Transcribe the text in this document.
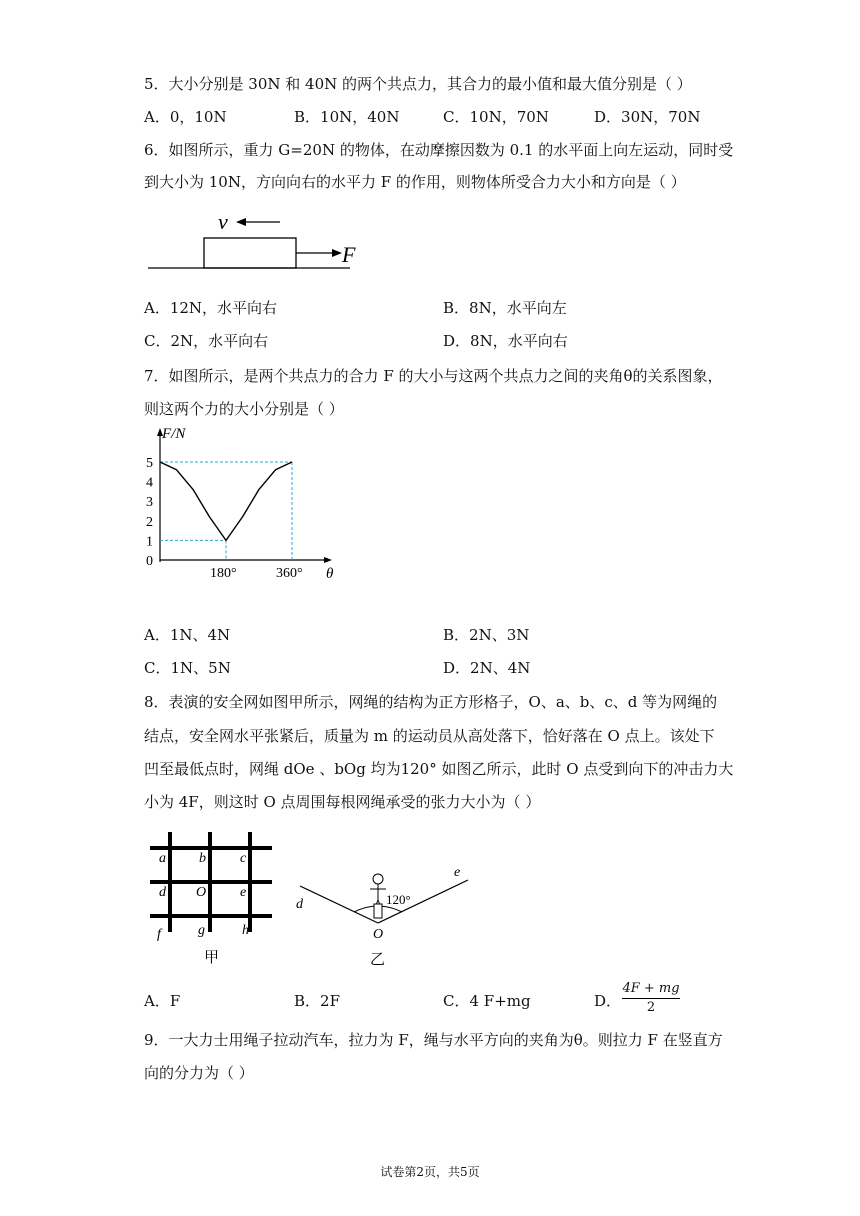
5．大小分别是 30N 和 40N 的两个共点力，其合力的最小值和最大值分别是（ ）
A．0，10N	B．10N，40N	C．10N，70N	D．30N，70N
6．如图所示，重力 G=20N 的物体，在动摩擦因数为 0.1 的水平面上向左运动，同时受
到大小为 10N，方向向右的水平力 F 的作用，则物体所受合力大小和方向是（ ）
v
F
A．12N，水平向右	B．8N，水平向左
C．2N，水平向右	D．8N，水平向右
7．如图所示，是两个共点力的合力 F 的大小与这两个共点力之间的夹角θ的关系图象，
则这两个力的大小分别是（ ）
0
1
2
3
4
5
180°	360°
F/N
θ
A．1N、4N	B．2N、3N
C．1N、5N	D．2N、4N
8．表演的安全网如图甲所示，网绳的结构为正方形格子，O、a、b、c、d 等为网绳的
结点，安全网水平张紧后，质量为 m 的运动员从高处落下，恰好落在 O 点上。该处下
凹至最低点时，网绳 dOe 、bOg 均为120° 如图乙所示，此时 O 点受到向下的冲击力大
小为 4F，则这时 O 点周围每根网绳承受的张力大小为（ ）
a b c
d O e
f	g	h
甲
120°
d
e
O
乙
A．F	B．2F	C．4 F+mg	D．
4F + mg
2
9．一大力士用绳子拉动汽车，拉力为 F，绳与水平方向的夹角为θ。则拉力 F 在竖直方
向的分力为（ ）
试卷第2页，共5页
